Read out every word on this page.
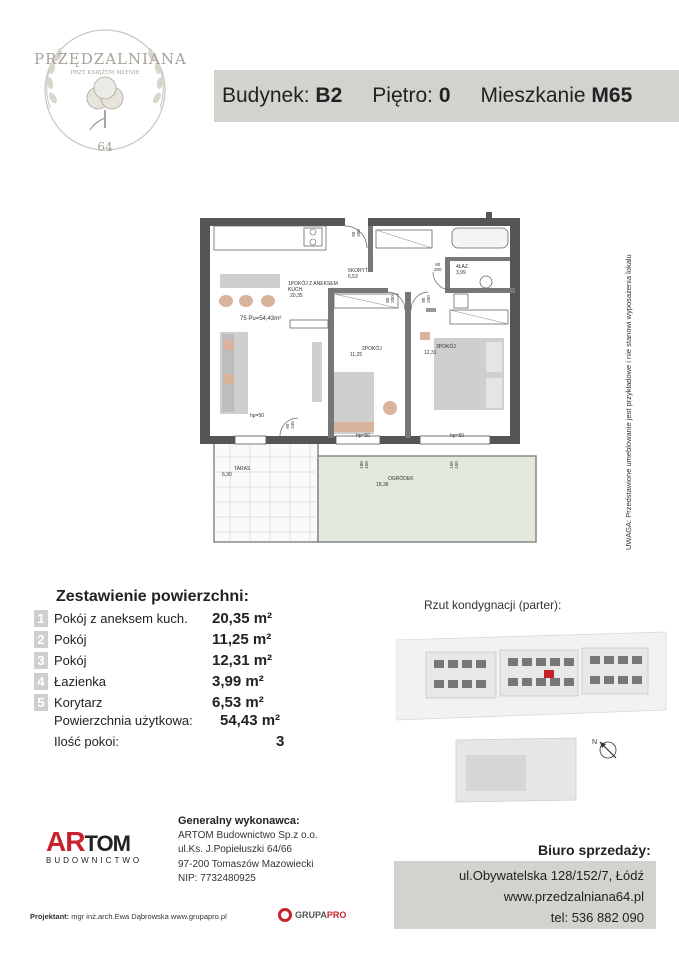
PRZĘDZALNIANA
PRZY KSIĘŻYM MŁYNIE
64
Budynek: B2 Piętro: 0 Mieszkanie M65
1POKÓJ Z ANEKSEM KUCH.
20,35
75 Pu=54,43m²
5KORYT.
6,53
4ŁAZ.
3,99
2POKÓJ
11,25
3POKÓJ
12,31
TARAS
6,30
OGRÓDEK
18,36
hp=50
hp=50	hp=50
90
200
80
200	80
200
80
200
90
245
180
150	150
150	UWAGA: Przedstawione umeblowanie jest przykładowe i nie stanowi wyposażenia lokalu
Zestawienie powierzchni:
1 Pokój z aneksem kuch.	20,35 m²
2 Pokój	11,25 m²
3 Pokój	12,31 m²
4 Łazienka	3,99 m²
5 Korytarz	6,53 m²
Powierzchnia użytkowa:	54,43 m²
Ilość pokoi:	3
Rzut kondygnacji (parter):
N
ARTOM
BUDOWNICTWO
Generalny wykonawca:
ARTOM Budownictwo Sp.z o.o.
ul.Ks. J.Popiełuszki 64/66
97-200 Tomaszów Mazowiecki
NIP: 7732480925
Biuro sprzedaży:
ul.Obywatelska 128/152/7, Łódź
www.przedzalniana64.pl
tel: 536 882 090
Projektant: mgr inż.arch.Ewa Dąbrowska www.grupapro.pl	GRUPA PRO
